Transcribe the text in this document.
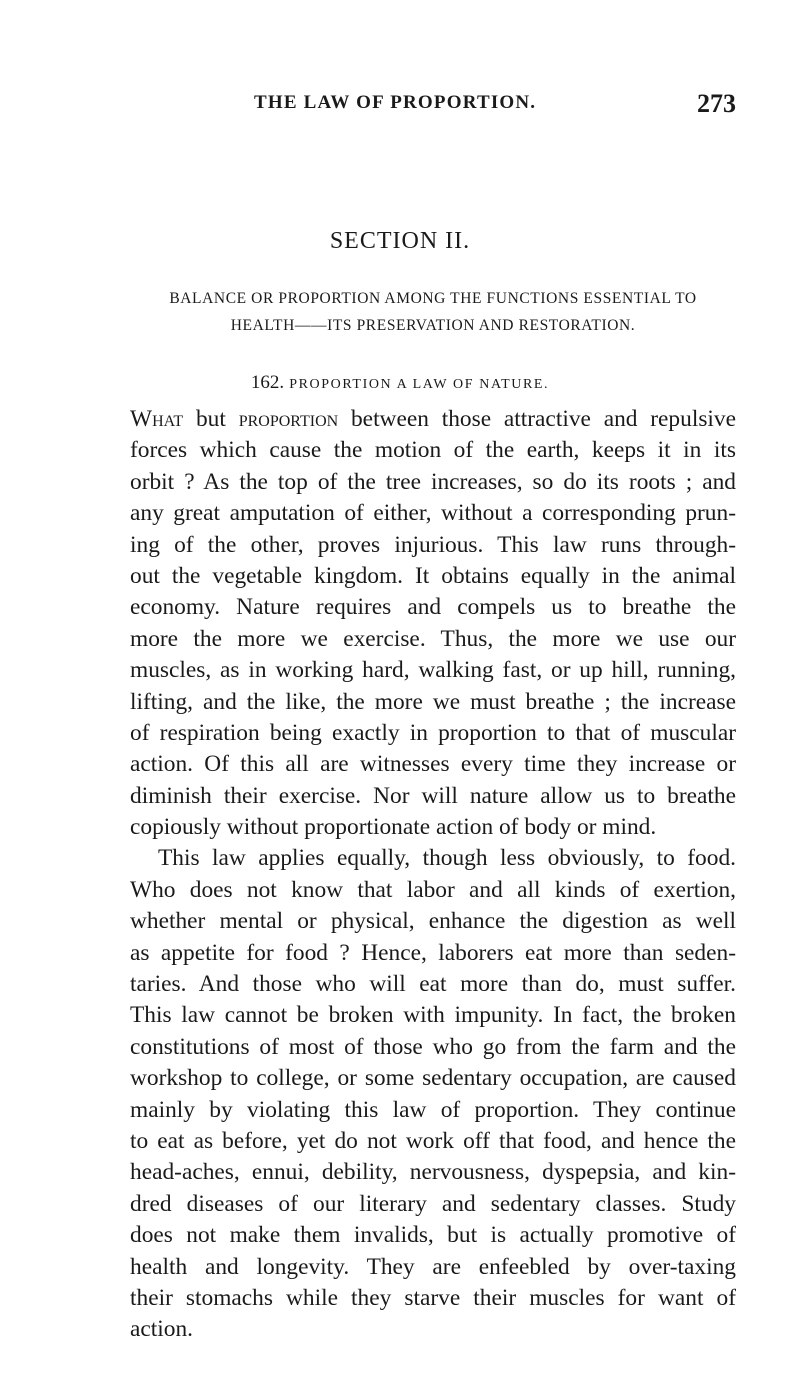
THE LAW OF PROPORTION.	273
SECTION II.
BALANCE OR PROPORTION AMONG THE FUNCTIONS ESSENTIAL TO
HEALTH——ITS PRESERVATION AND RESTORATION.
162. PROPORTION A LAW OF NATURE.
What but proportion between those attractive and repulsive
forces which cause the motion of the earth, keeps it in its
orbit ? As the top of the tree increases, so do its roots ; and
any great amputation of either, without a corresponding prun-
ing of the other, proves injurious. This law runs through-
out the vegetable kingdom. It obtains equally in the animal
economy. Nature requires and compels us to breathe the
more the more we exercise. Thus, the more we use our
muscles, as in working hard, walking fast, or up hill, running,
lifting, and the like, the more we must breathe ; the increase
of respiration being exactly in proportion to that of muscular
action. Of this all are witnesses every time they increase or
diminish their exercise. Nor will nature allow us to breathe
copiously without proportionate action of body or mind.
This law applies equally, though less obviously, to food.
Who does not know that labor and all kinds of exertion,
whether mental or physical, enhance the digestion as well
as appetite for food ? Hence, laborers eat more than seden-
taries. And those who will eat more than do, must suffer.
This law cannot be broken with impunity. In fact, the broken
constitutions of most of those who go from the farm and the
workshop to college, or some sedentary occupation, are caused
mainly by violating this law of proportion. They continue
to eat as before, yet do not work off that food, and hence the
head-aches, ennui, debility, nervousness, dyspepsia, and kin-
dred diseases of our literary and sedentary classes. Study
does not make them invalids, but is actually promotive of
health and longevity. They are enfeebled by over-taxing
their stomachs while they starve their muscles for want of
action.
